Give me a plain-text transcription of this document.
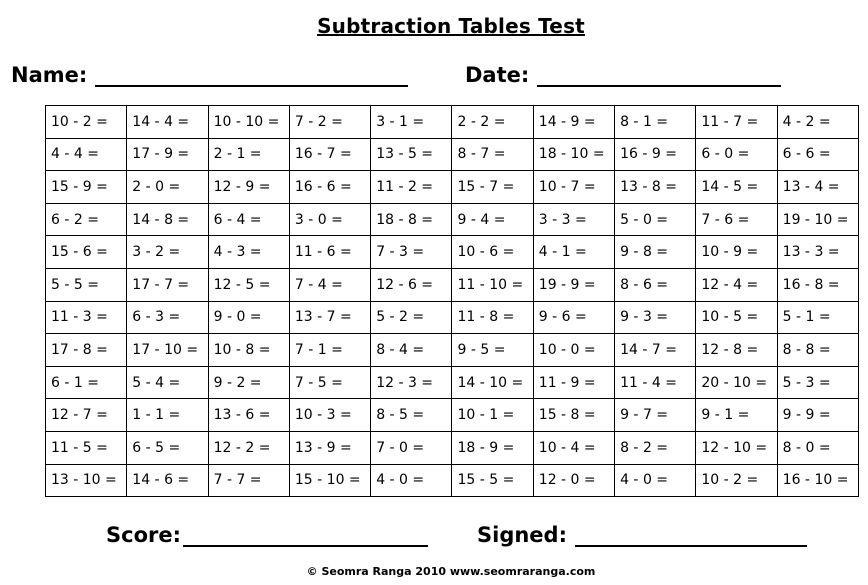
Subtraction Tables Test
Name:	Date:
10 - 2 =	14 - 4 =	10 - 10 =	7 - 2 =	3 - 1 =	2 - 2 =	14 - 9 =	8 - 1 =	11 - 7 =	4 - 2 =
4 - 4 =	17 - 9 =	2 - 1 =	16 - 7 =	13 - 5 =	8 - 7 =	18 - 10 =	16 - 9 =	6 - 0 =	6 - 6 =
15 - 9 =	2 - 0 =	12 - 9 =	16 - 6 =	11 - 2 =	15 - 7 =	10 - 7 =	13 - 8 =	14 - 5 =	13 - 4 =
6 - 2 =	14 - 8 =	6 - 4 =	3 - 0 =	18 - 8 =	9 - 4 =	3 - 3 =	5 - 0 =	7 - 6 =	19 - 10 =
15 - 6 =	3 - 2 =	4 - 3 =	11 - 6 =	7 - 3 =	10 - 6 =	4 - 1 =	9 - 8 =	10 - 9 =	13 - 3 =
5 - 5 =	17 - 7 =	12 - 5 =	7 - 4 =	12 - 6 =	11 - 10 =	19 - 9 =	8 - 6 =	12 - 4 =	16 - 8 =
11 - 3 =	6 - 3 =	9 - 0 =	13 - 7 =	5 - 2 =	11 - 8 =	9 - 6 =	9 - 3 =	10 - 5 =	5 - 1 =
17 - 8 =	17 - 10 =	10 - 8 =	7 - 1 =	8 - 4 =	9 - 5 =	10 - 0 =	14 - 7 =	12 - 8 =	8 - 8 =
6 - 1 =	5 - 4 =	9 - 2 =	7 - 5 =	12 - 3 =	14 - 10 =	11 - 9 =	11 - 4 =	20 - 10 =	5 - 3 =
12 - 7 =	1 - 1 =	13 - 6 =	10 - 3 =	8 - 5 =	10 - 1 =	15 - 8 =	9 - 7 =	9 - 1 =	9 - 9 =
11 - 5 =	6 - 5 =	12 - 2 =	13 - 9 =	7 - 0 =	18 - 9 =	10 - 4 =	8 - 2 =	12 - 10 =	8 - 0 =
13 - 10 =	14 - 6 =	7 - 7 =	15 - 10 =	4 - 0 =	15 - 5 =	12 - 0 =	4 - 0 =	10 - 2 =	16 - 10 =
Score:	Signed:
© Seomra Ranga 2010 www.seomraranga.com
